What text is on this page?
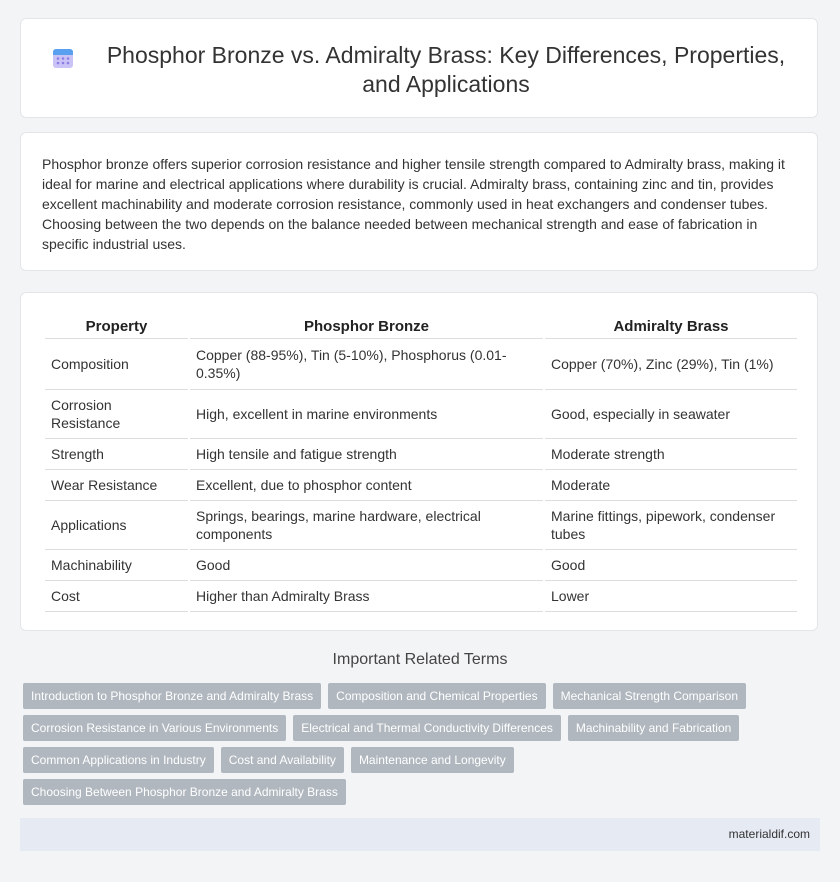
Phosphor Bronze vs. Admiralty Brass: Key Differences, Properties, and Applications

Phosphor bronze offers superior corrosion resistance and higher tensile strength compared to Admiralty brass, making it ideal for marine and electrical applications where durability is crucial. Admiralty brass, containing zinc and tin, provides excellent machinability and moderate corrosion resistance, commonly used in heat exchangers and condenser tubes. Choosing between the two depends on the balance needed between mechanical strength and ease of fabrication in specific industrial uses.

Property	Phosphor Bronze	Admiralty Brass
Composition	Copper (88-95%), Tin (5-10%), Phosphorus (0.01-0.35%)	Copper (70%), Zinc (29%), Tin (1%)
Corrosion Resistance	High, excellent in marine environments	Good, especially in seawater
Strength	High tensile and fatigue strength	Moderate strength
Wear Resistance	Excellent, due to phosphor content	Moderate
Applications	Springs, bearings, marine hardware, electrical components	Marine fittings, pipework, condenser tubes
Machinability	Good	Good
Cost	Higher than Admiralty Brass	Lower
Important Related Terms
Introduction to Phosphor Bronze and Admiralty Brass	Composition and Chemical Properties	Mechanical Strength Comparison
Corrosion Resistance in Various Environments	Electrical and Thermal Conductivity Differences	Machinability and Fabrication
Common Applications in Industry	Cost and Availability	Maintenance and Longevity
Choosing Between Phosphor Bronze and Admiralty Brass
materialdif.com
